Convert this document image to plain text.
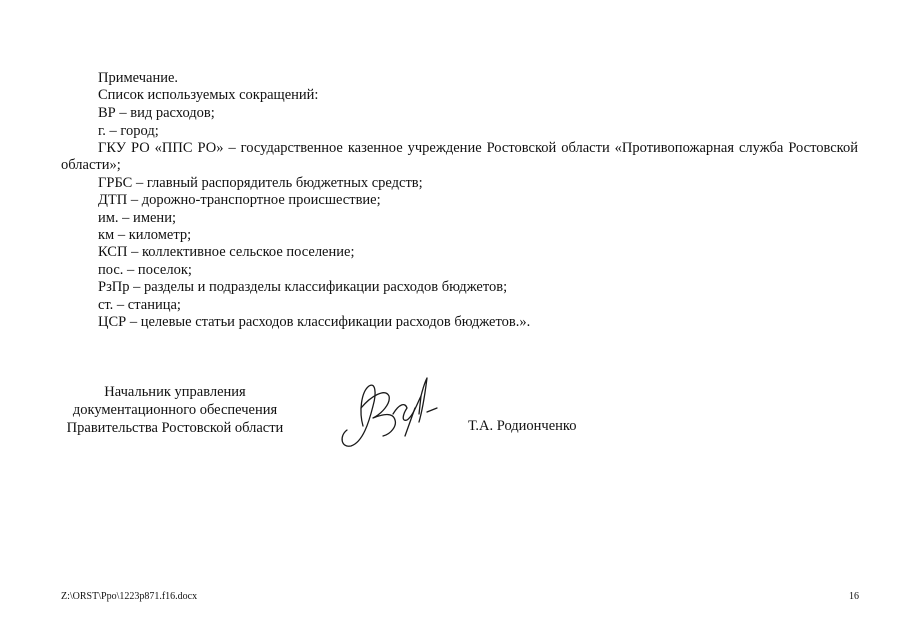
Примечание.
Список используемых сокращений:
ВР – вид расходов;
г. – город;
ГКУ РО «ППС РО» – государственное казенное учреждение Ростовской области «Противопожарная служба Ростовской области»;
ГРБС – главный распорядитель бюджетных средств;
ДТП – дорожно-транспортное происшествие;
им. – имени;
км – километр;
КСП – коллективное сельское поселение;
пос. – поселок;
РзПр – разделы и подразделы классификации расходов бюджетов;
ст. – станица;
ЦСР – целевые статьи расходов классификации расходов бюджетов.».
Начальник управления
документационного обеспечения
Правительства Ростовской области	Т.А. Родионченко
Z:\ORST\Ppo\1223p871.f16.docx	16
